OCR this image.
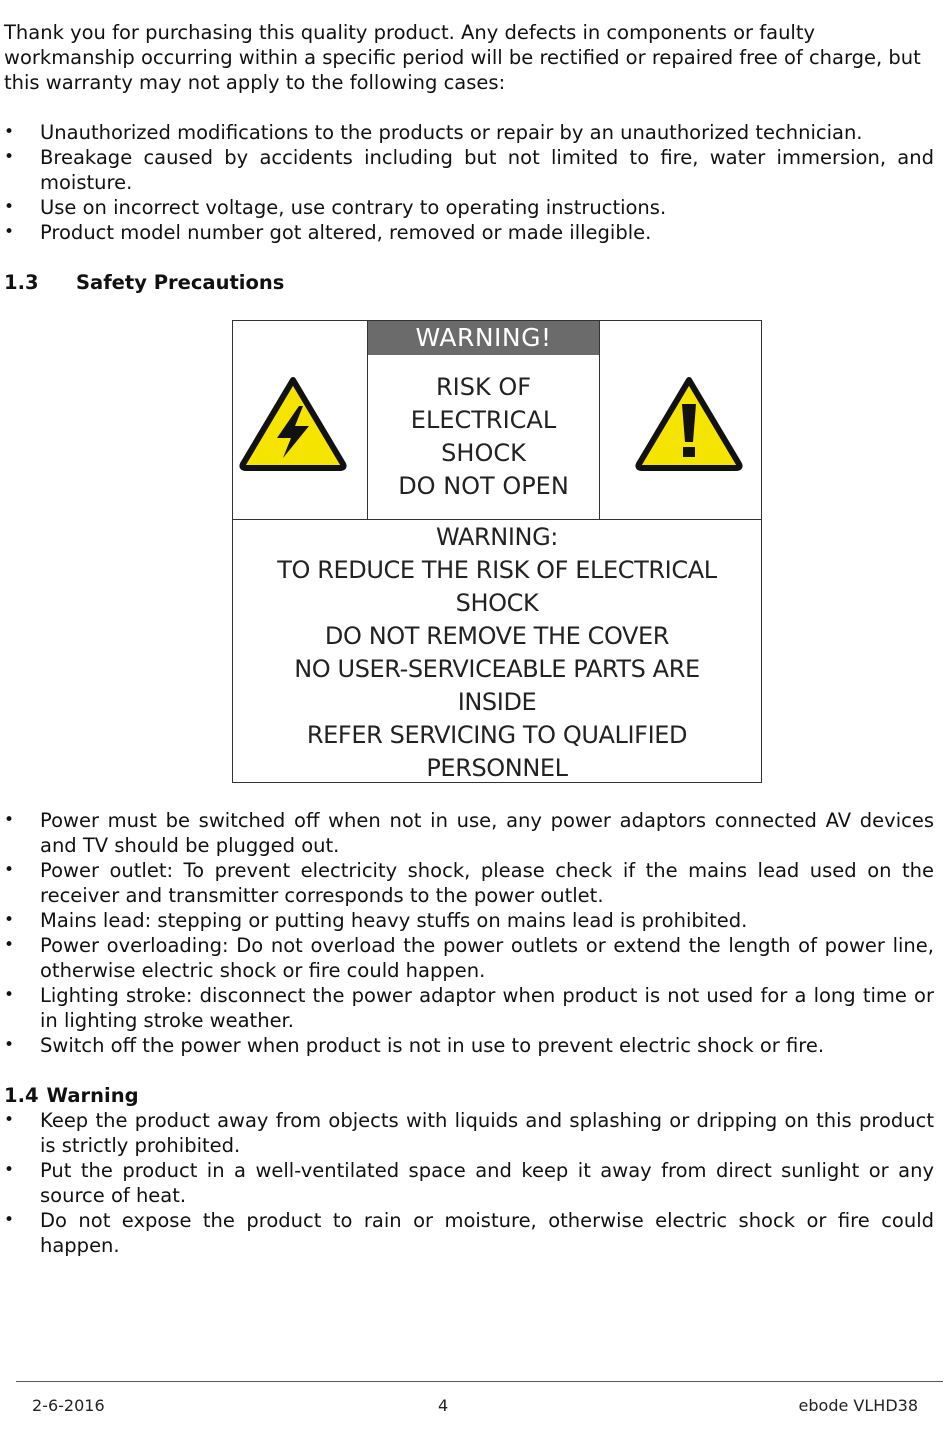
Thank you for purchasing this quality product. Any defects in components or faulty workmanship occurring within a specific period will be rectified or repaired free of charge, but this warranty may not apply to the following cases:

• Unauthorized modifications to the products or repair by an unauthorized technician.
• Breakage caused by accidents including but not limited to fire, water immersion, and moisture.
• Use on incorrect voltage, use contrary to operating instructions.
• Product model number got altered, removed or made illegible.
1.3 Safety Precautions
• Power must be switched off when not in use, any power adaptors connected AV devices and TV should be plugged out.
• Power outlet: To prevent electricity shock, please check if the mains lead used on the receiver and transmitter corresponds to the power outlet.
• Mains lead: stepping or putting heavy stuffs on mains lead is prohibited.
• Power overloading: Do not overload the power outlets or extend the length of power line, otherwise electric shock or fire could happen.
• Lighting stroke: disconnect the power adaptor when product is not used for a long time or in lighting stroke weather.
• Switch off the power when product is not in use to prevent electric shock or fire.
1.4 Warning
• Keep the product away from objects with liquids and splashing or dripping on this product is strictly prohibited.
• Put the product in a well-ventilated space and keep it away from direct sunlight or any source of heat.
• Do not expose the product to rain or moisture, otherwise electric shock or fire could happen.
WARNING!
RISK OF
ELECTRICAL
SHOCK
DO NOT OPEN
WARNING:
TO REDUCE THE RISK OF ELECTRICAL
SHOCK
DO NOT REMOVE THE COVER
NO USER-SERVICEABLE PARTS ARE
INSIDE
REFER SERVICING TO QUALIFIED
PERSONNEL
2-6-2016	4	ebode VLHD38
